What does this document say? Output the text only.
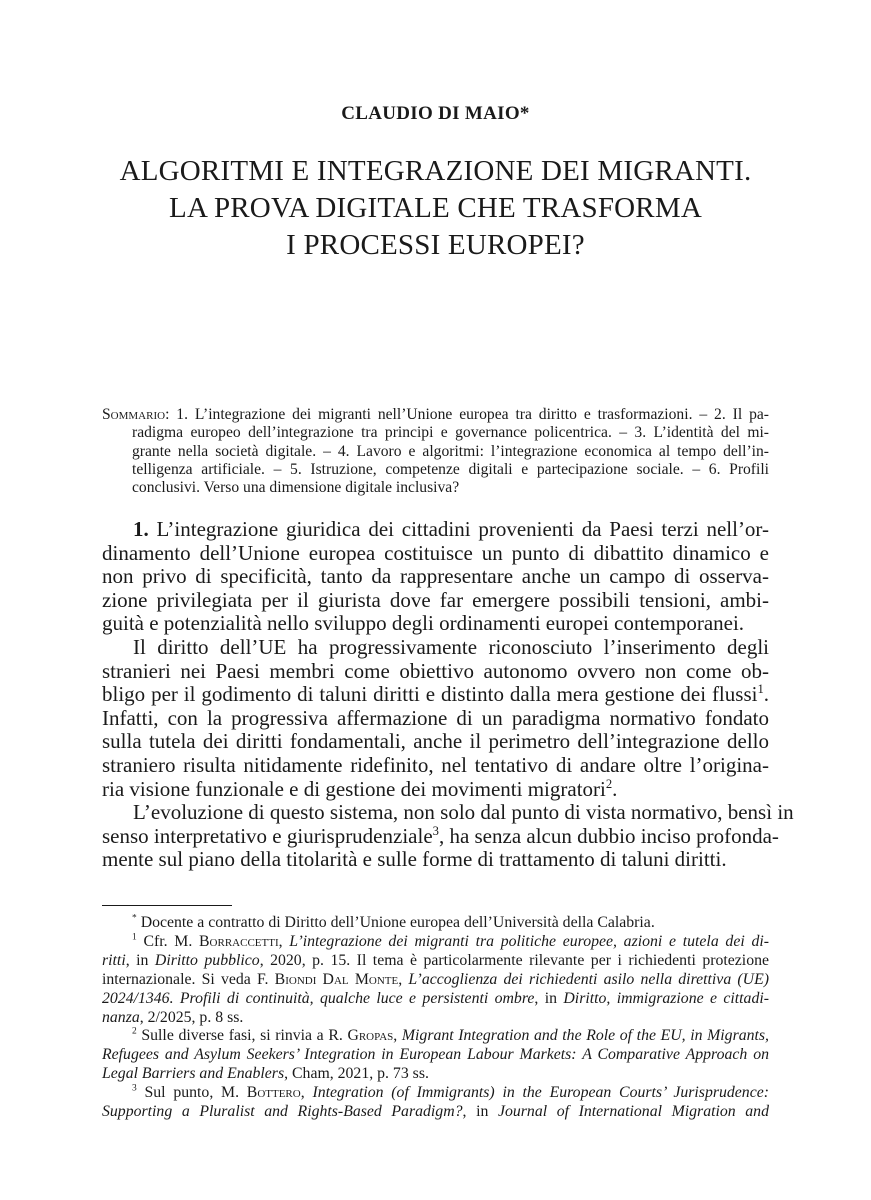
CLAUDIO DI MAIO*
ALGORITMI E INTEGRAZIONE DEI MIGRANTI.
LA PROVA DIGITALE CHE TRASFORMA
I PROCESSI EUROPEI?
Sommario: 1. L’integrazione dei migranti nell’Unione europea tra diritto e trasformazioni. – 2. Il pa-
radigma europeo dell’integrazione tra principi e governance policentrica. – 3. L’identità del mi-
grante nella società digitale. – 4. Lavoro e algoritmi: l’integrazione economica al tempo dell’in-
telligenza artificiale. – 5. Istruzione, competenze digitali e partecipazione sociale. – 6. Profili
conclusivi. Verso una dimensione digitale inclusiva?
1. L’integrazione giuridica dei cittadini provenienti da Paesi terzi nell’or-
dinamento dell’Unione europea costituisce un punto di dibattito dinamico e
non privo di specificità, tanto da rappresentare anche un campo di osserva-
zione privilegiata per il giurista dove far emergere possibili tensioni, ambi-
guità e potenzialità nello sviluppo degli ordinamenti europei contemporanei.
Il diritto dell’UE ha progressivamente riconosciuto l’inserimento degli
stranieri nei Paesi membri come obiettivo autonomo ovvero non come ob-
bligo per il godimento di taluni diritti e distinto dalla mera gestione dei flussi$^1$.
Infatti, con la progressiva affermazione di un paradigma normativo fondato
sulla tutela dei diritti fondamentali, anche il perimetro dell’integrazione dello
straniero risulta nitidamente ridefinito, nel tentativo di andare oltre l’origina-
ria visione funzionale e di gestione dei movimenti migratori$^2$.
L’evoluzione di questo sistema, non solo dal punto di vista normativo, bensì in
senso interpretativo e giurisprudenziale$^3$, ha senza alcun dubbio inciso profonda-
mente sul piano della titolarità e sulle forme di trattamento di taluni diritti.
* Docente a contratto di Diritto dell’Unione europea dell’Università della Calabria.
$^1$ Cfr. M. Borraccetti, L’integrazione dei migranti tra politiche europee, azioni e tutela dei di-
ritti, in Diritto pubblico, 2020, p. 15. Il tema è particolarmente rilevante per i richiedenti protezione
internazionale. Si veda F. Biondi Dal Monte, L’accoglienza dei richiedenti asilo nella direttiva (UE)
2024/1346. Profili di continuità, qualche luce e persistenti ombre, in Diritto, immigrazione e cittadi-
nanza, 2/2025, p. 8 ss.
$^2$ Sulle diverse fasi, si rinvia a R. Gropas, Migrant Integration and the Role of the EU, in Migrants,
Refugees and Asylum Seekers’ Integration in European Labour Markets: A Comparative Approach on
Legal Barriers and Enablers, Cham, 2021, p. 73 ss.
$^3$ Sul punto, M. Bottero, Integration (of Immigrants) in the European Courts’ Jurisprudence:
Supporting a Pluralist and Rights-Based Paradigm?, in Journal of International Migration and
